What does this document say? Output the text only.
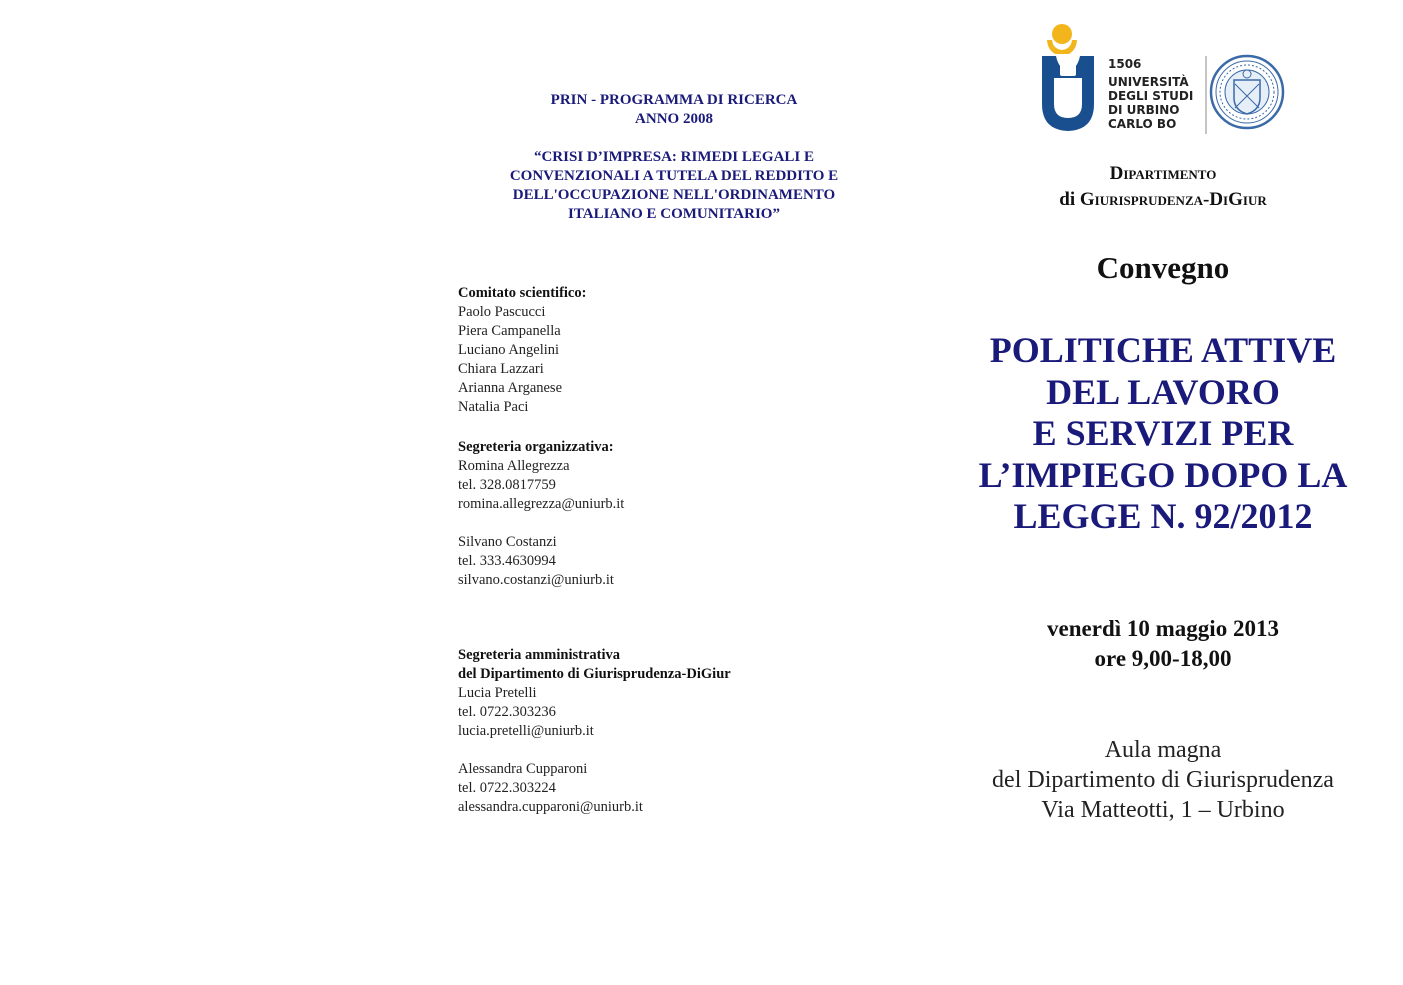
PRIN - PROGRAMMA DI RICERCA
ANNO 2008
“CRISI D’IMPRESA: RIMEDI LEGALI E
CONVENZIONALI A TUTELA DEL REDDITO E
DELL'OCCUPAZIONE NELL'ORDINAMENTO
ITALIANO E COMUNITARIO”
Comitato scientifico:
Paolo Pascucci
Piera Campanella
Luciano Angelini
Chiara Lazzari
Arianna Arganese
Natalia Paci
Segreteria organizzativa:
Romina Allegrezza
tel. 328.0817759
romina.allegrezza@uniurb.it
Silvano Costanzi
tel. 333.4630994
silvano.costanzi@uniurb.it
Segreteria amministrativa
del Dipartimento di Giurisprudenza-DiGiur
Lucia Pretelli
tel. 0722.303236
lucia.pretelli@uniurb.it
Alessandra Cupparoni
tel. 0722.303224
alessandra.cupparoni@uniurb.it
1506
UNIVERSITÀ
DEGLI STUDI
DI URBINO
CARLO BO
Dipartimento
di Giurisprudenza-DiGiur
Convegno
POLITICHE ATTIVE
DEL LAVORO
E SERVIZI PER
L’IMPIEGO DOPO LA
LEGGE N. 92/2012
venerdì 10 maggio 2013
ore 9,00-18,00
Aula magna
del Dipartimento di Giurisprudenza
Via Matteotti, 1 – Urbino
